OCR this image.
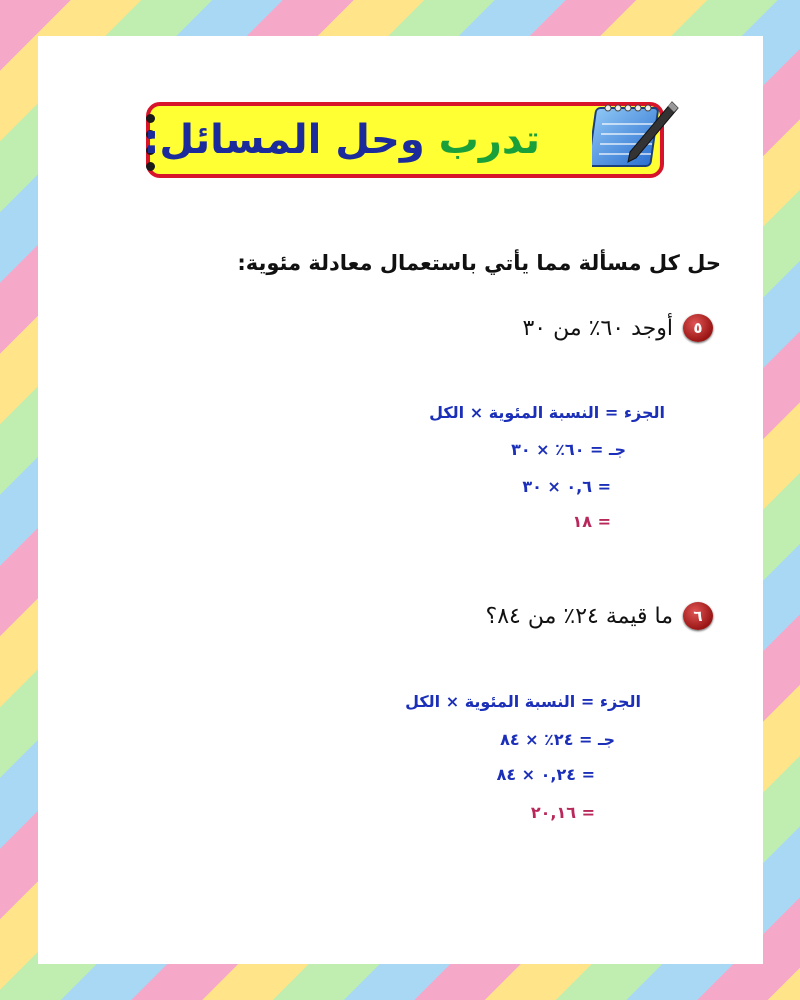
تدرب وحل المسائل:
حل كل مسألة مما يأتي باستعمال معادلة مئوية:
٥
أوجد ٦٠٪ من ٣٠
الجزء = النسبة المئوية × الكل
جـ = ٦٠٪ × ٣٠
= ٠,٦ × ٣٠
= ١٨
٦
ما قيمة ٢٤٪ من ٨٤؟
الجزء = النسبة المئوية × الكل
جـ = ٢٤٪ × ٨٤
= ٠,٢٤ × ٨٤
= ٢٠,١٦
